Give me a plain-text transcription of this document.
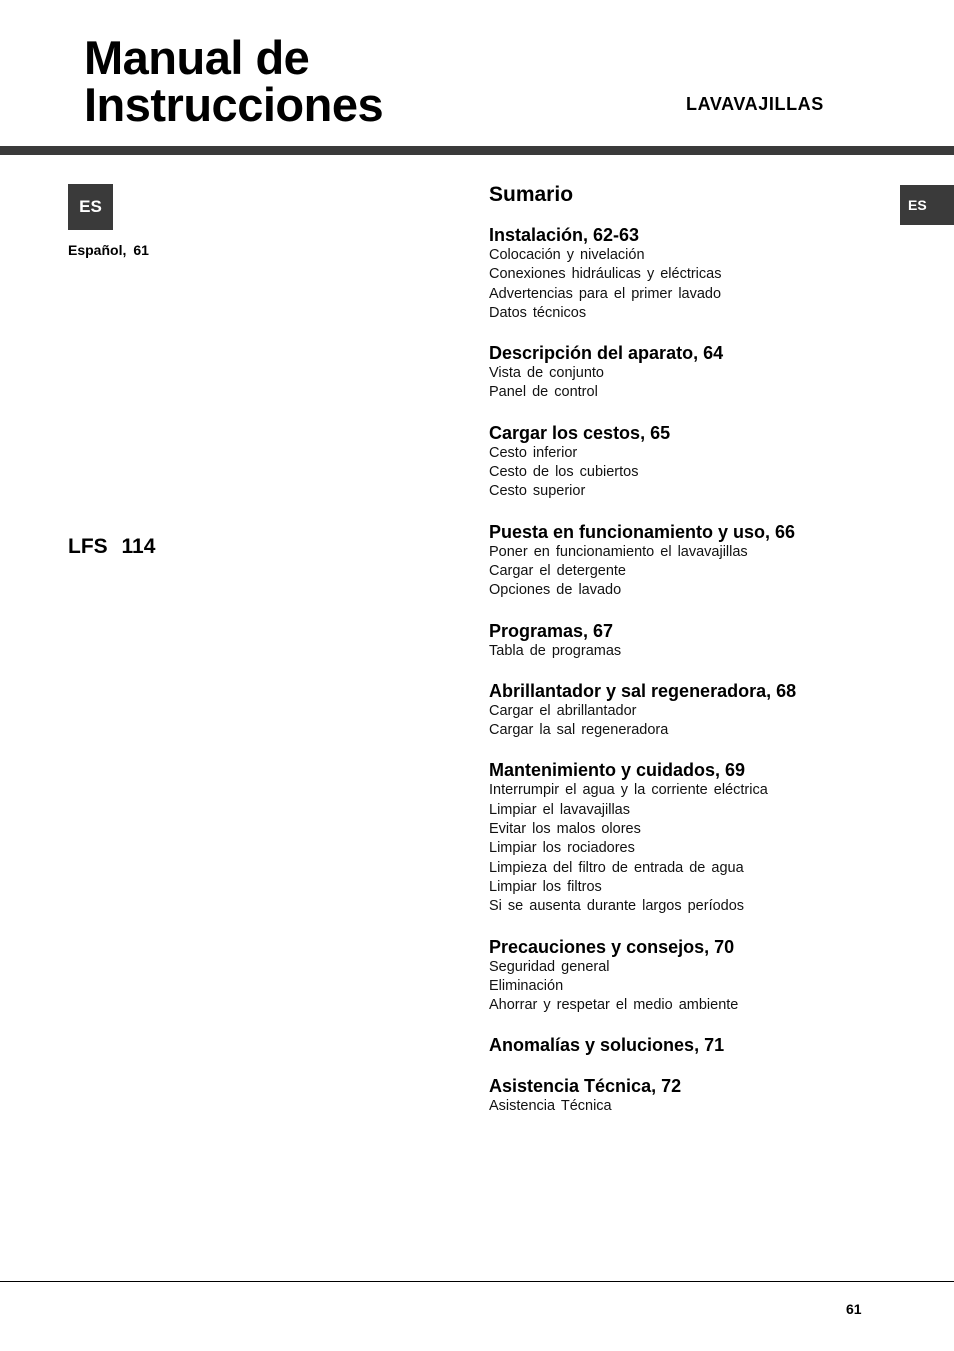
Manual de
Instrucciones	LAVAVAJILLAS
ES
Español, 61
LFS 114
ES
Sumario
Instalación, 62-63
Colocación y nivelación
Conexiones hidráulicas y eléctricas
Advertencias para el primer lavado
Datos técnicos
Descripción del aparato, 64
Vista de conjunto
Panel de control
Cargar los cestos, 65
Cesto inferior
Cesto de los cubiertos
Cesto superior
Puesta en funcionamiento y uso, 66
Poner en funcionamiento el lavavajillas
Cargar el detergente
Opciones de lavado
Programas, 67
Tabla de programas
Abrillantador y sal regeneradora, 68
Cargar el abrillantador
Cargar la sal regeneradora
Mantenimiento y cuidados, 69
Interrumpir el agua y la corriente eléctrica
Limpiar el lavavajillas
Evitar los malos olores
Limpiar los rociadores
Limpieza del filtro de entrada de agua
Limpiar los filtros
Si se ausenta durante largos períodos
Precauciones y consejos, 70
Seguridad general
Eliminación
Ahorrar y respetar el medio ambiente
Anomalías y soluciones, 71
Asistencia Técnica, 72
Asistencia Técnica
61
